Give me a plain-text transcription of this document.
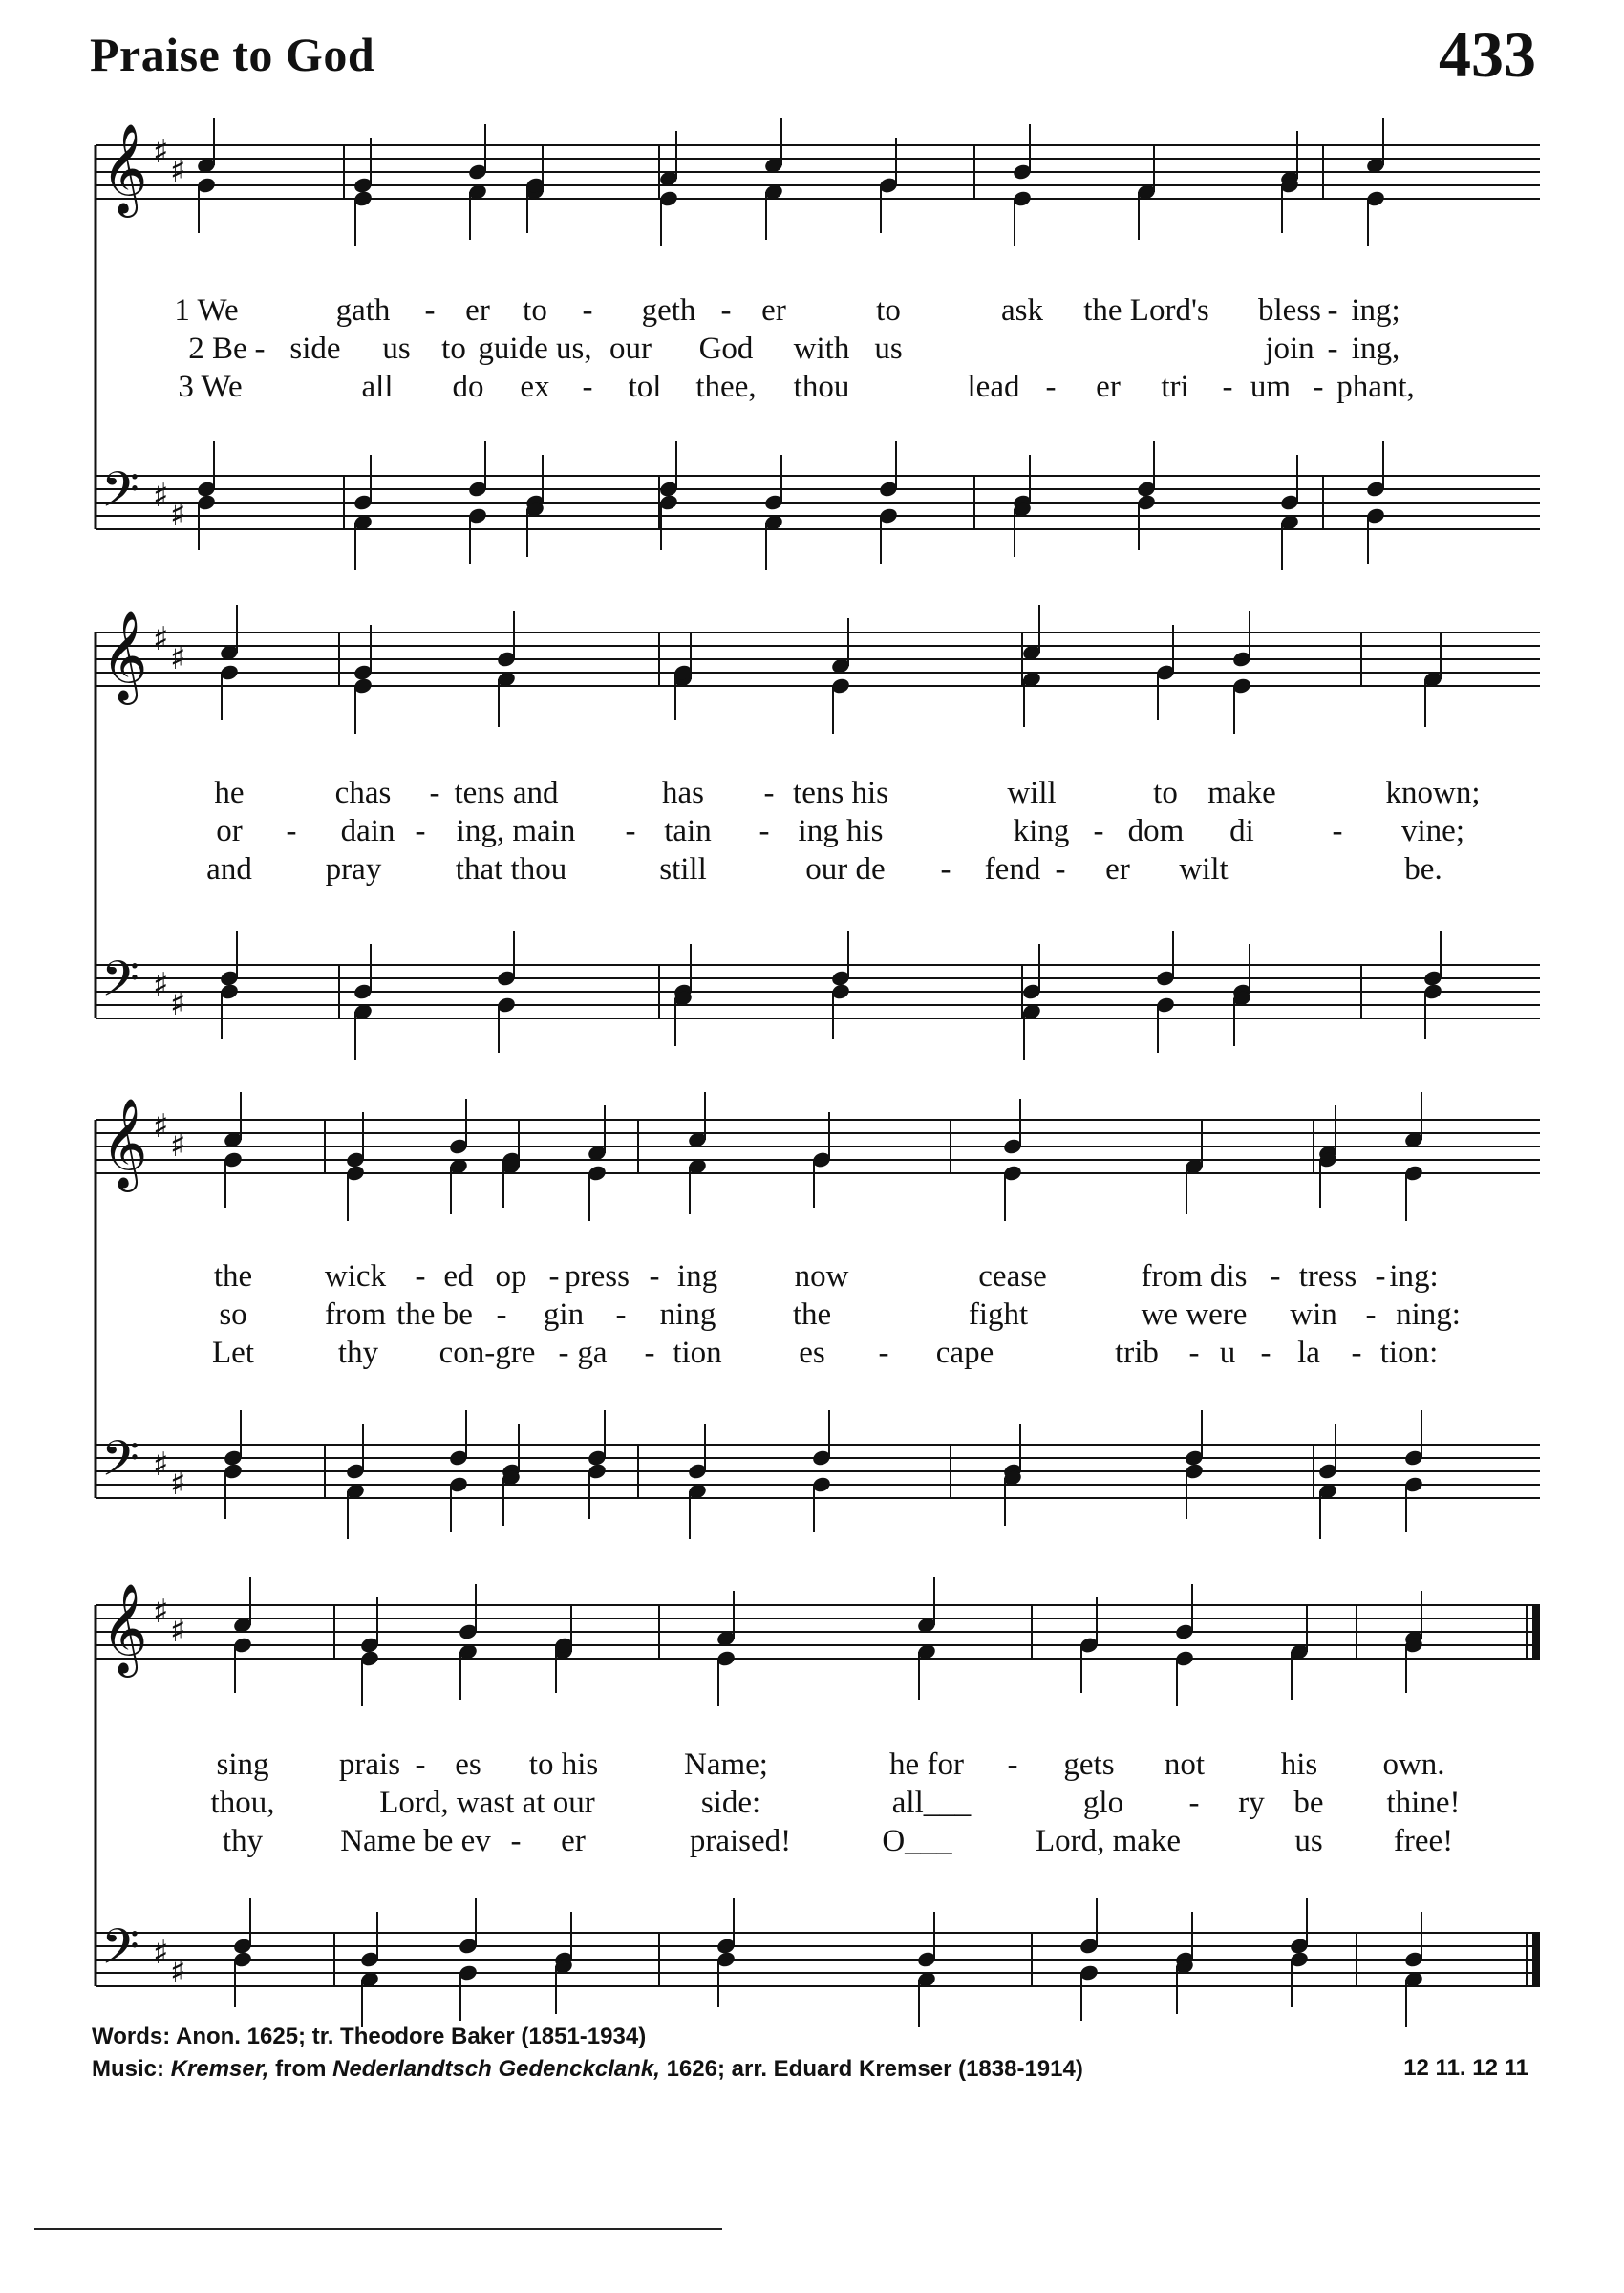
Praise to God	433
𝄞 ♯ ♯
𝄢 ♯ ♯
𝄞 ♯ ♯
𝄢 ♯ ♯
𝄞 ♯ ♯
𝄢 ♯ ♯
𝄞 ♯ ♯
𝄢 ♯ ♯
1 We	gath - er to - geth - er	to	ask the Lord's bless - ing;
2 Be - side us to guide us, our God with us	join - ing,
3 We	all do ex - tol thee, thou	lead - er tri - um - phant,
he	chas - tens and	has - tens his	will	to make	known;
or - dain - ing, main - tain - ing his	king - dom di - vine;
and pray that thou	still	our de - fend - er wilt	be.
the wick - ed op - press - ing now	cease	from dis - tress - ing:
so from the be - gin - ning the	fight	we were win - ning:
Let	thy con-gre - ga - tion es - cape	trib - u - la - tion:
sing prais - es to his	Name;	he for - gets not his own.
thou,	Lord, wast at our	side:	all___	glo - ry be thine!
thy Name be ev - er	praised!	O___	Lord, make	us free!
Words: Anon. 1625; tr. Theodore Baker (1851-1934)
Music: Kremser, from Nederlandtsch Gedenckclank, 1626; arr. Eduard Kremser (1838-1914)	12 11. 12 11
